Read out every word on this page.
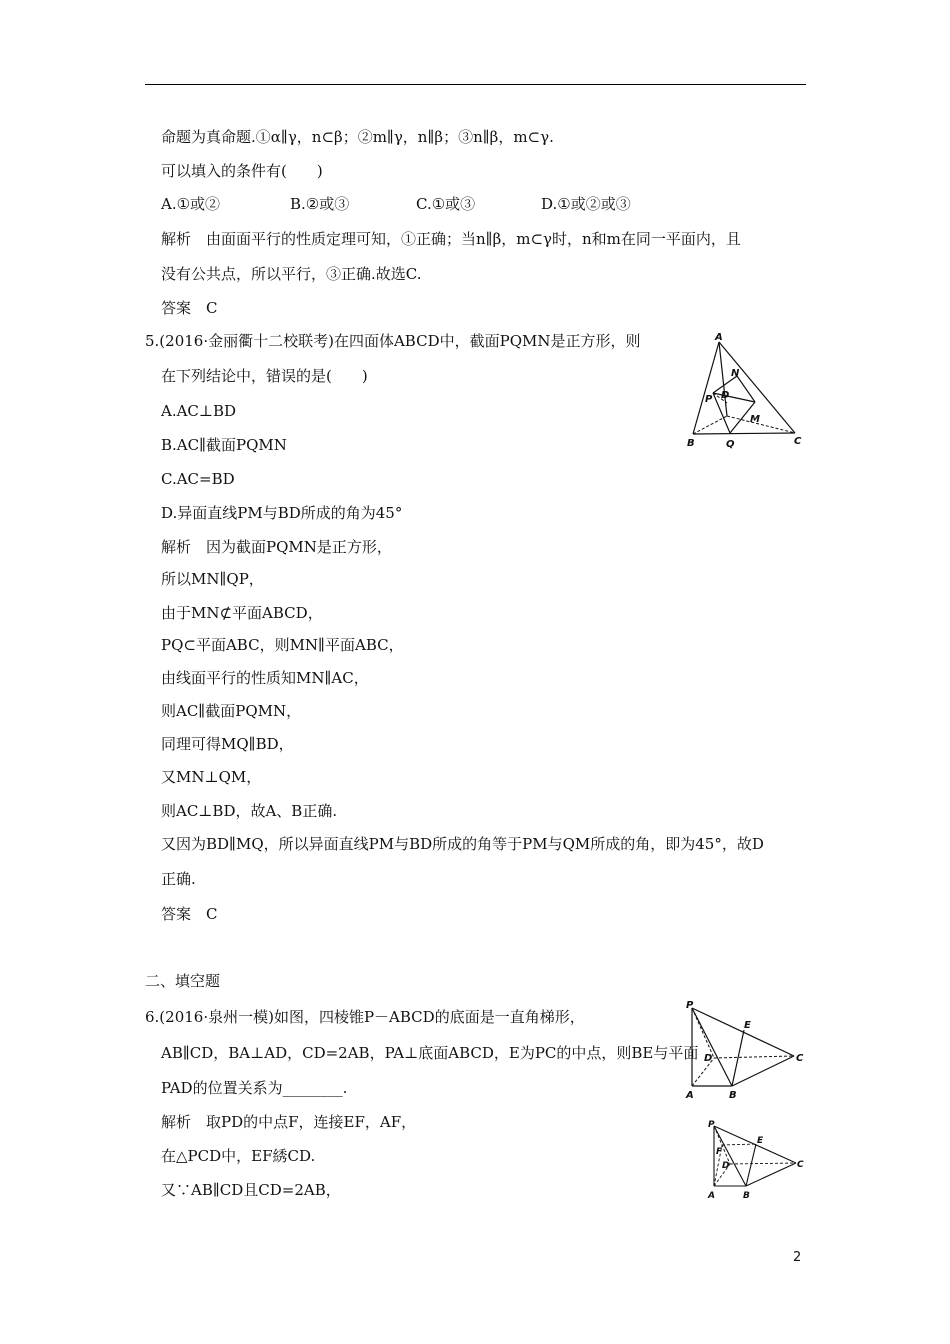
命题为真命题.①α∥γ，n⊂β；②m∥γ，n∥β；③n∥β，m⊂γ.
可以填入的条件有(　　)
A.①或②	B.②或③	C.①或③	D.①或②或③
解析　由面面平行的性质定理可知，①正确；当n∥β，m⊂γ时，n和m在同一平面内，且
没有公共点，所以平行，③正确.故选C.
答案　C
5.(2016·金丽衢十二校联考)在四面体ABCD中，截面PQMN是正方形，则
在下列结论中，错误的是(　　)
A.AC⊥BD
B.AC∥截面PQMN
C.AC=BD
D.异面直线PM与BD所成的角为45°
解析　因为截面PQMN是正方形，
所以MN∥QP，
由于MN⊄平面ABCD，
PQ⊂平面ABC，则MN∥平面ABC，
由线面平行的性质知MN∥AC，
则AC∥截面PQMN，
同理可得MQ∥BD，
又MN⊥QM，
则AC⊥BD，故A、B正确.
又因为BD∥MQ，所以异面直线PM与BD所成的角等于PM与QM所成的角，即为45°，故D
正确.
答案　C
A
N
D
P
M
B	Q	C
二、填空题
6.(2016·泉州一模)如图，四棱锥P－ABCD的底面是一直角梯形，
AB∥CD，BA⊥AD，CD=2AB，PA⊥底面ABCD，E为PC的中点，则BE与平面
PAD的位置关系为________.
解析　取PD的中点F，连接EF，AF，
在△PCD中，EF綉CD.
又∵AB∥CD且CD=2AB，
P
E
D	C
A	B
P
E
F
D	C
A	B
2
